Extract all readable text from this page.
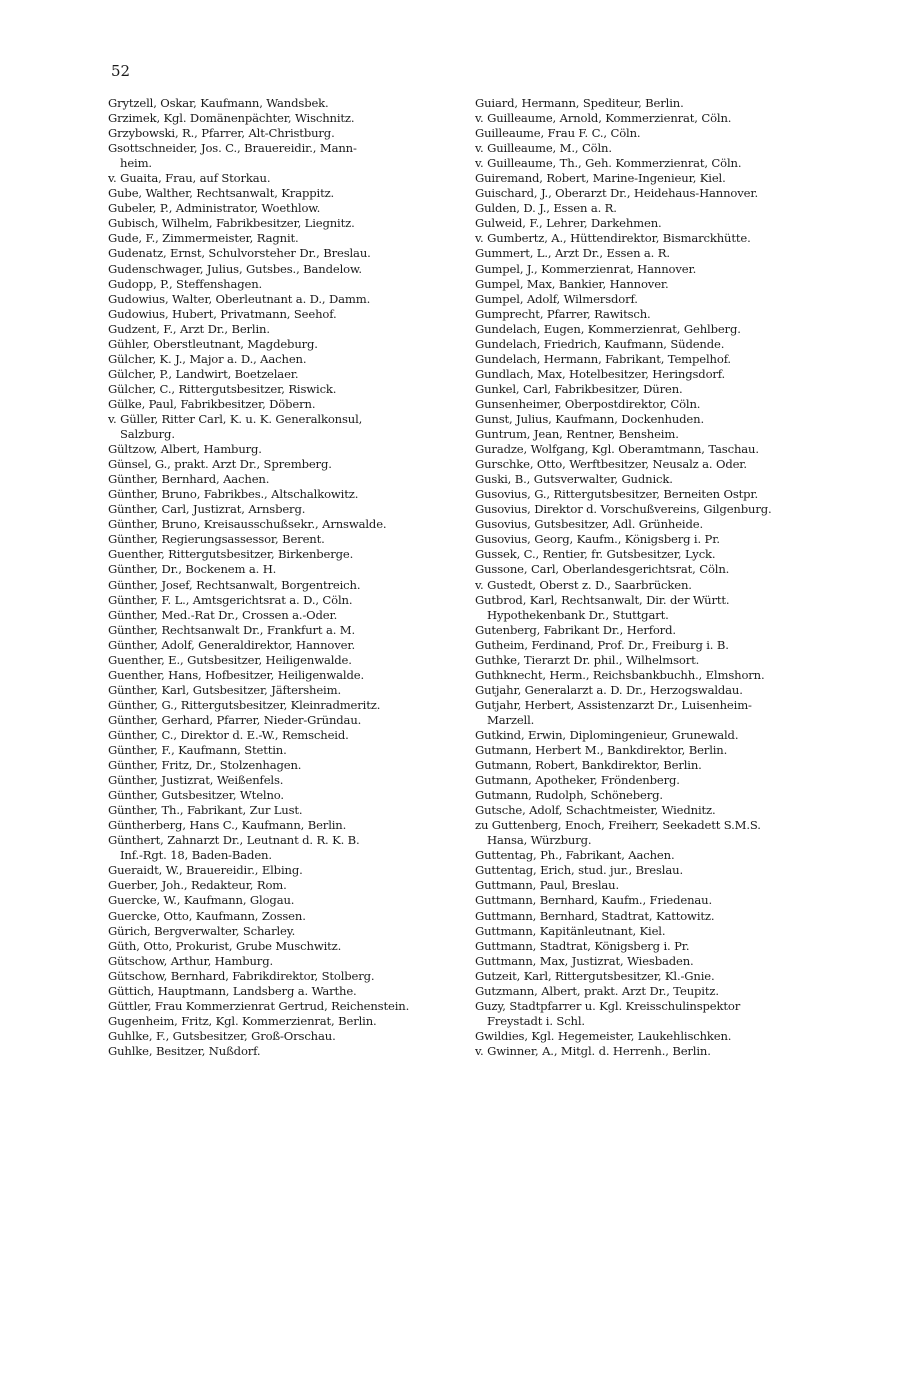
52
Grytzell, Oskar, Kaufmann, Wandsbek.
Grzimek, Kgl. Domänenpächter, Wischnitz.
Grzybowski, R., Pfarrer, Alt-Christburg.
Gsottschneider, Jos. C., Brauereidir., Mann-
heim.
v. Guaita, Frau, auf Storkau.
Gube, Walther, Rechtsanwalt, Krappitz.
Gubeler, P., Administrator, Woethlow.
Gubisch, Wilhelm, Fabrikbesitzer, Liegnitz.
Gude, F., Zimmermeister, Ragnit.
Gudenatz, Ernst, Schulvorsteher Dr., Breslau.
Gudenschwager, Julius, Gutsbes., Bandelow.
Gudopp, P., Steffenshagen.
Gudowius, Walter, Oberleutnant a. D., Damm.
Gudowius, Hubert, Privatmann, Seehof.
Gudzent, F., Arzt Dr., Berlin.
Gühler, Oberstleutnant, Magdeburg.
Gülcher, K. J., Major a. D., Aachen.
Gülcher, P., Landwirt, Boetzelaer.
Gülcher, C., Rittergutsbesitzer, Riswick.
Gülke, Paul, Fabrikbesitzer, Döbern.
v. Güller, Ritter Carl, K. u. K. Generalkonsul,
Salzburg.
Gültzow, Albert, Hamburg.
Günsel, G., prakt. Arzt Dr., Spremberg.
Günther, Bernhard, Aachen.
Günther, Bruno, Fabrikbes., Altschalkowitz.
Günther, Carl, Justizrat, Arnsberg.
Günther, Bruno, Kreisausschußsekr., Arnswalde.
Günther, Regierungsassessor, Berent.
Guenther, Rittergutsbesitzer, Birkenberge.
Günther, Dr., Bockenem a. H.
Günther, Josef, Rechtsanwalt, Borgentreich.
Günther, F. L., Amtsgerichtsrat a. D., Cöln.
Günther, Med.-Rat Dr., Crossen a.-Oder.
Günther, Rechtsanwalt Dr., Frankfurt a. M.
Günther, Adolf, Generaldirektor, Hannover.
Guenther, E., Gutsbesitzer, Heiligenwalde.
Guenther, Hans, Hofbesitzer, Heiligenwalde.
Günther, Karl, Gutsbesitzer, Jäftersheim.
Günther, G., Rittergutsbesitzer, Kleinradmeritz.
Günther, Gerhard, Pfarrer, Nieder-Gründau.
Günther, C., Direktor d. E.-W., Remscheid.
Günther, F., Kaufmann, Stettin.
Günther, Fritz, Dr., Stolzenhagen.
Günther, Justizrat, Weißenfels.
Günther, Gutsbesitzer, Wtelno.
Günther, Th., Fabrikant, Zur Lust.
Güntherberg, Hans C., Kaufmann, Berlin.
Günthert, Zahnarzt Dr., Leutnant d. R. K. B.
Inf.-Rgt. 18, Baden-Baden.
Gueraidt, W., Brauereidir., Elbing.
Guerber, Joh., Redakteur, Rom.
Guercke, W., Kaufmann, Glogau.
Guercke, Otto, Kaufmann, Zossen.
Gürich, Bergverwalter, Scharley.
Güth, Otto, Prokurist, Grube Muschwitz.
Gütschow, Arthur, Hamburg.
Gütschow, Bernhard, Fabrikdirektor, Stolberg.
Güttich, Hauptmann, Landsberg a. Warthe.
Güttler, Frau Kommerzienrat Gertrud, Reichenstein.
Gugenheim, Fritz, Kgl. Kommerzienrat, Berlin.
Guhlke, F., Gutsbesitzer, Groß-Orschau.
Guhlke, Besitzer, Nußdorf.
Guiard, Hermann, Spediteur, Berlin.
v. Guilleaume, Arnold, Kommerzienrat, Cöln.
Guilleaume, Frau F. C., Cöln.
v. Guilleaume, M., Cöln.
v. Guilleaume, Th., Geh. Kommerzienrat, Cöln.
Guiremand, Robert, Marine-Ingenieur, Kiel.
Guischard, J., Oberarzt Dr., Heidehaus-Hannover.
Gulden, D. J., Essen a. R.
Gulweid, F., Lehrer, Darkehmen.
v. Gumbertz, A., Hüttendirektor, Bismarckhütte.
Gummert, L., Arzt Dr., Essen a. R.
Gumpel, J., Kommerzienrat, Hannover.
Gumpel, Max, Bankier, Hannover.
Gumpel, Adolf, Wilmersdorf.
Gumprecht, Pfarrer, Rawitsch.
Gundelach, Eugen, Kommerzienrat, Gehlberg.
Gundelach, Friedrich, Kaufmann, Südende.
Gundelach, Hermann, Fabrikant, Tempelhof.
Gundlach, Max, Hotelbesitzer, Heringsdorf.
Gunkel, Carl, Fabrikbesitzer, Düren.
Gunsenheimer, Oberpostdirektor, Cöln.
Gunst, Julius, Kaufmann, Dockenhuden.
Guntrum, Jean, Rentner, Bensheim.
Guradze, Wolfgang, Kgl. Oberamtmann, Taschau.
Gurschke, Otto, Werftbesitzer, Neusalz a. Oder.
Guski, B., Gutsverwalter, Gudnick.
Gusovius, G., Rittergutsbesitzer, Berneiten Ostpr.
Gusovius, Direktor d. Vorschußvereins, Gilgenburg.
Gusovius, Gutsbesitzer, Adl. Grünheide.
Gusovius, Georg, Kaufm., Königsberg i. Pr.
Gussek, C., Rentier, fr. Gutsbesitzer, Lyck.
Gussone, Carl, Oberlandesgerichtsrat, Cöln.
v. Gustedt, Oberst z. D., Saarbrücken.
Gutbrod, Karl, Rechtsanwalt, Dir. der Württ.
Hypothekenbank Dr., Stuttgart.
Gutenberg, Fabrikant Dr., Herford.
Gutheim, Ferdinand, Prof. Dr., Freiburg i. B.
Guthke, Tierarzt Dr. phil., Wilhelmsort.
Guthknecht, Herm., Reichsbankbuchh., Elmshorn.
Gutjahr, Generalarzt a. D. Dr., Herzogswaldau.
Gutjahr, Herbert, Assistenzarzt Dr., Luisenheim-
Marzell.
Gutkind, Erwin, Diplomingenieur, Grunewald.
Gutmann, Herbert M., Bankdirektor, Berlin.
Gutmann, Robert, Bankdirektor, Berlin.
Gutmann, Apotheker, Fröndenberg.
Gutmann, Rudolph, Schöneberg.
Gutsche, Adolf, Schachtmeister, Wiednitz.
zu Guttenberg, Enoch, Freiherr, Seekadett S.M.S.
Hansa, Würzburg.
Guttentag, Ph., Fabrikant, Aachen.
Guttentag, Erich, stud. jur., Breslau.
Guttmann, Paul, Breslau.
Guttmann, Bernhard, Kaufm., Friedenau.
Guttmann, Bernhard, Stadtrat, Kattowitz.
Guttmann, Kapitänleutnant, Kiel.
Guttmann, Stadtrat, Königsberg i. Pr.
Guttmann, Max, Justizrat, Wiesbaden.
Gutzeit, Karl, Rittergutsbesitzer, Kl.-Gnie.
Gutzmann, Albert, prakt. Arzt Dr., Teupitz.
Guzy, Stadtpfarrer u. Kgl. Kreisschulinspektor
Freystadt i. Schl.
Gwildies, Kgl. Hegemeister, Laukehlischken.
v. Gwinner, A., Mitgl. d. Herrenh., Berlin.
